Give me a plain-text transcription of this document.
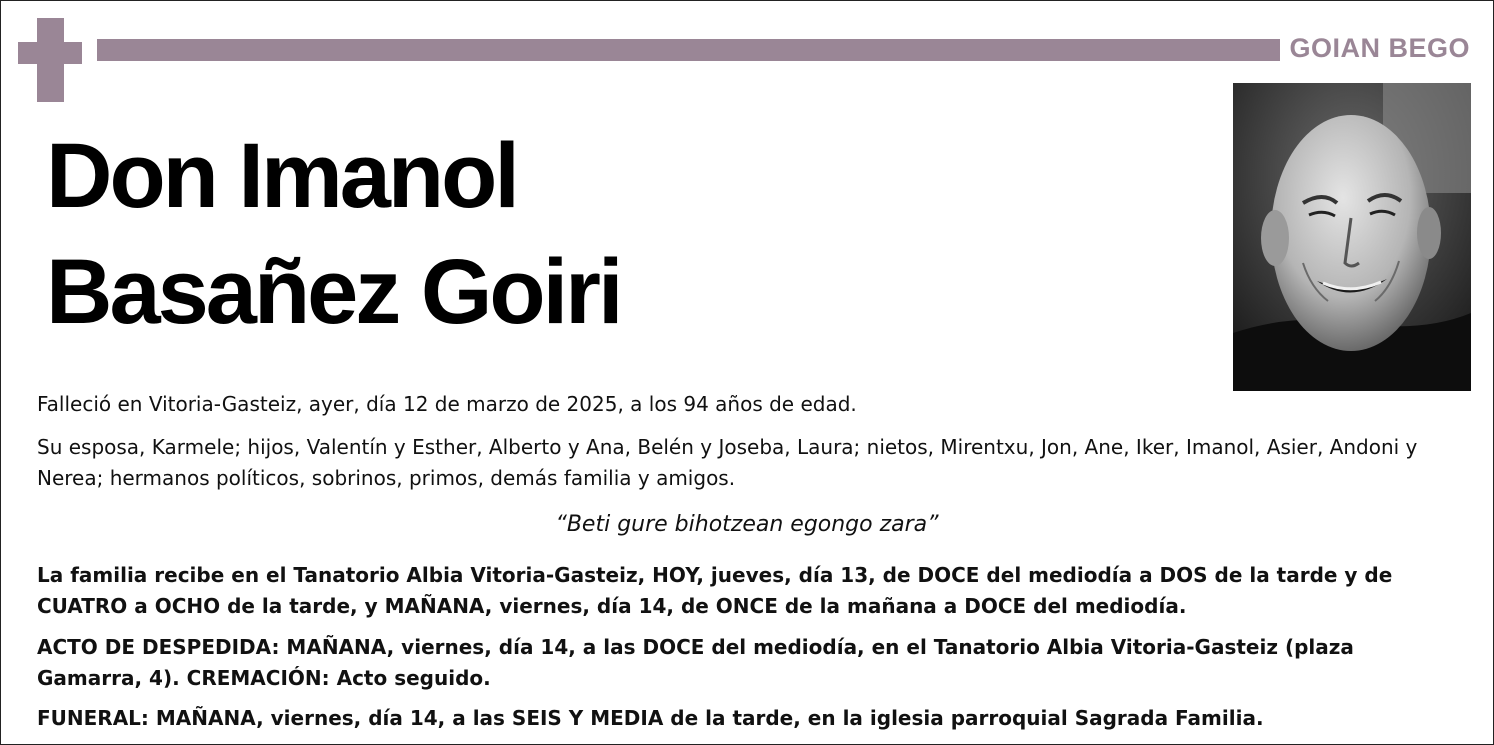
GOIAN BEGO
Don Imanol
Basañez Goiri
Falleció en Vitoria-Gasteiz, ayer, día 12 de marzo de 2025, a los 94 años de edad.
Su esposa, Karmele; hijos, Valentín y Esther, Alberto y Ana, Belén y Joseba, Laura; nietos, Mirentxu, Jon, Ane, Iker, Imanol, Asier, Andoni y Nerea; hermanos políticos, sobrinos, primos, demás familia y amigos.
“Beti gure bihotzean egongo zara”
La familia recibe en el Tanatorio Albia Vitoria-Gasteiz, HOY, jueves, día 13, de DOCE del mediodía a DOS de la tarde y de CUATRO a OCHO de la tarde, y MAÑANA, viernes, día 14, de ONCE de la mañana a DOCE del mediodía.
ACTO DE DESPEDIDA: MAÑANA, viernes, día 14, a las DOCE del mediodía, en el Tanatorio Albia Vitoria-Gasteiz (plaza Gamarra, 4). CREMACIÓN: Acto seguido.
FUNERAL: MAÑANA, viernes, día 14, a las SEIS Y MEDIA de la tarde, en la iglesia parroquial Sagrada Familia.
